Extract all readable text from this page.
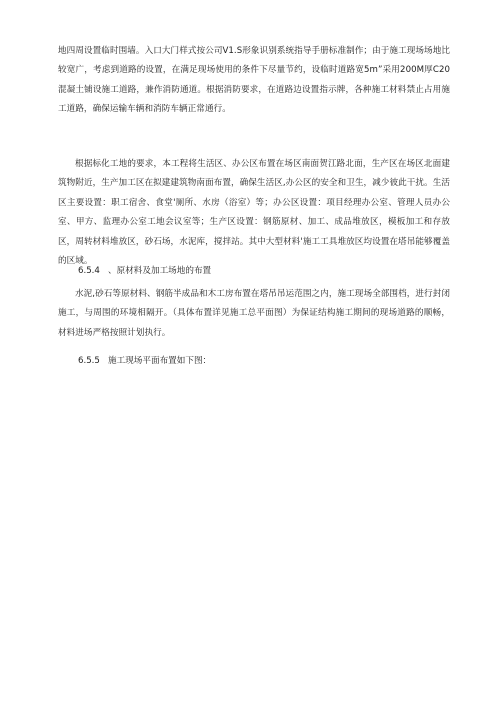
地四周设置临时围墙。入口大门样式按公司V1.S形象识别系统指导手册标准制作；由于施工现场场地比较宽广，考虑到道路的设置，在满足现场使用的条件下尽量节约，设临时道路宽5m”采用200M厚C20混凝土铺设施工道路，兼作消防通道。根据消防要求，在道路边设置指示牌，各种施工材料禁止占用施工道路，确保运输车辆和消防车辆正常通行。
根据标化工地的要求，本工程将生活区、办公区布置在场区南面贺江路北面，生产区在场区北面建筑物附近，生产加工区在拟建建筑物南面布置，确保生活区,办公区的安全和卫生，减少彼此干扰。生活区主要设置：职工宿舍、食堂'厕所、水房（浴室）等；办公区设置：项目经理办公室、管理人员办公室、甲方、监理办公室工地会议室等；生产区设置：钢筋原材、加工、成品堆放区，模板加工和存放区，周转材料堆放区，砂石场，水泥库，搅拌站。其中大型材料'施工工具堆放区均设置在塔吊能够覆盖的区域。
6.5.4 、原材料及加工场地的布置
水泥,砂石等原材料、钢筋半成品和木工房布置在塔吊吊运范围之内，施工现场全部围档，进行封闭施工，与周围的环境相隔开。（具体布置详见施工总平面图）为保证结构施工期间的现场道路的顺畅，材料进场严格按照计划执行。
6.5.5 施工现场平面布置如下图：
